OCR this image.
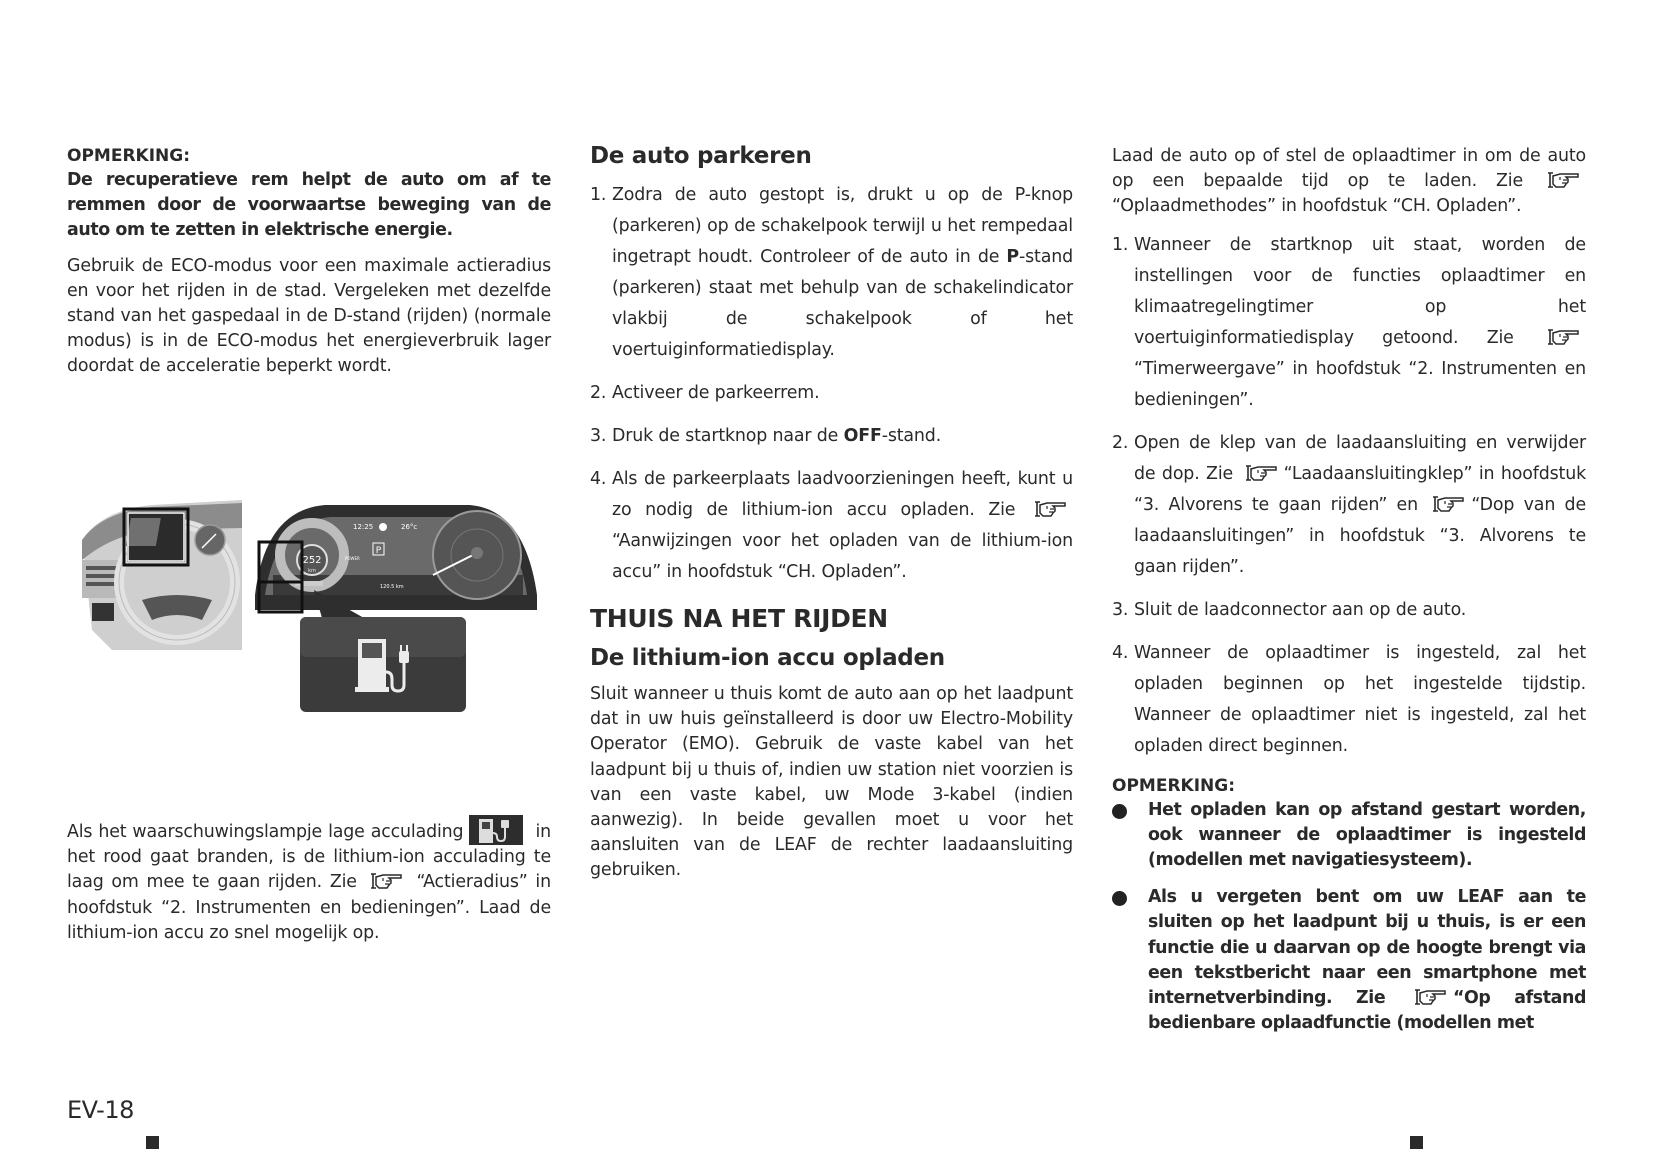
OPMERKING:

De recuperatieve rem helpt de auto om af te remmen door de voorwaartse beweging van de auto om te zetten in elektrische energie.

Gebruik de ECO-modus voor een maximale actieradius en voor het rijden in de stad. Vergeleken met dezelfde stand van het gaspedaal in de D-stand (rijden) (normale modus) is in de ECO-modus het energieverbruik lager doordat de acceleratie beperkt wordt.

252
km
12:25	26°c
POWER
P
120.5 km

Als het waarschuwingslampje lage acculading	in het rood gaat branden, is de lithium-ion acculading te laag om mee te gaan rijden. Zie	“Actieradius” in hoofdstuk “2. Instrumenten en bedieningen”. Laad de lithium-ion accu zo snel mogelijk op.

De auto parkeren
1. Zodra de auto gestopt is, drukt u op de P-knop (parkeren) op de schakelpook terwijl u het rempedaal ingetrapt houdt. Controleer of de auto in de P-stand (parkeren) staat met behulp van de schakelindicator vlakbij de schakelpook of het voertuiginformatiedisplay.
2. Activeer de parkeerrem.
3. Druk de startknop naar de OFF-stand.
4. Als de parkeerplaats laadvoorzieningen heeft, kunt u zo nodig de lithium-ion accu opladen. Zie “Aanwijzingen voor het opladen van de lithium-ion accu” in hoofdstuk “CH. Opladen”.
THUIS NA HET RIJDEN
De lithium-ion accu opladen

Sluit wanneer u thuis komt de auto aan op het laadpunt dat in uw huis geïnstalleerd is door uw Electro-Mobility Operator (EMO). Gebruik de vaste kabel van het laadpunt bij u thuis of, indien uw station niet voorzien is van een vaste kabel, uw Mode 3-kabel (indien aanwezig). In beide gevallen moet u voor het aansluiten van de LEAF de rechter laadaansluiting gebruiken.

Laad de auto op of stel de oplaadtimer in om de auto op een bepaalde tijd op te laden. Zie “Oplaadmethodes” in hoofdstuk “CH. Opladen”.

1. Wanneer de startknop uit staat, worden de instellingen voor de functies oplaadtimer en klimaatregelingtimer op het voertuiginformatiedisplay getoond. Zie “Timerweergave” in hoofdstuk “2. Instrumenten en bedieningen”.
2. Open de klep van de laadaansluiting en verwijder de dop. Zie	“Laadaansluitingklep” in hoofdstuk “3. Alvorens te gaan rijden” en	“Dop van de laadaansluitingen” in hoofdstuk “3. Alvorens te gaan rijden”.
3. Sluit de laadconnector aan op de auto.
4. Wanneer de oplaadtimer is ingesteld, zal het opladen beginnen op het ingestelde tijdstip. Wanneer de oplaadtimer niet is ingesteld, zal het opladen direct beginnen.

OPMERKING:

Het opladen kan op afstand gestart worden, ook wanneer de oplaadtimer is ingesteld (modellen met navigatiesysteem).
Als u vergeten bent om uw LEAF aan te sluiten op het laadpunt bij u thuis, is er een functie die u daarvan op de hoogte brengt via een tekstbericht naar een smartphone met internetverbinding. Zie	“Op afstand bedienbare oplaadfunctie (modellen met
EV-18
